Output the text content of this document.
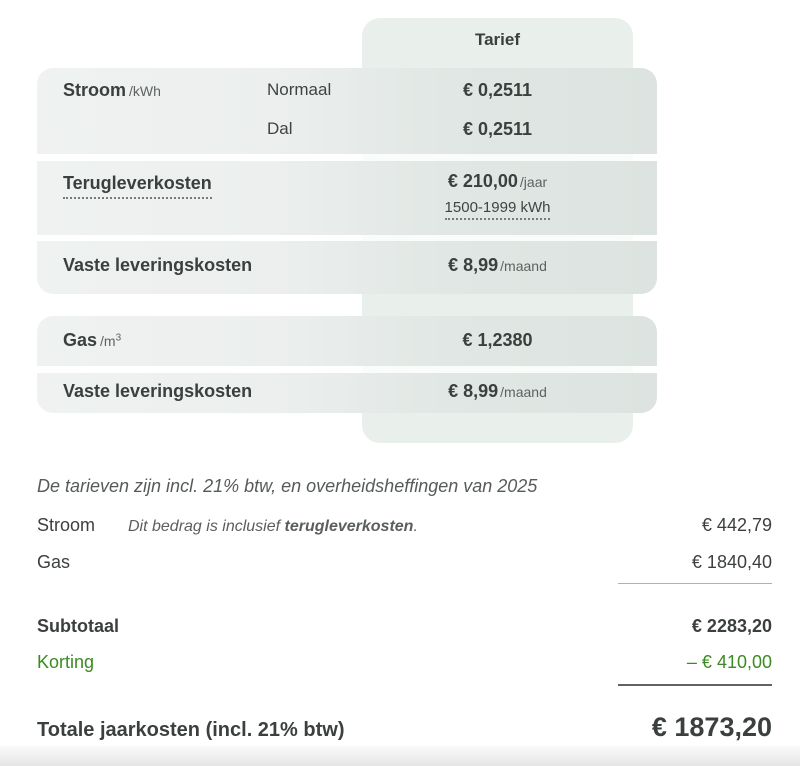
Tarief
Stroom /kWh	Normaal	€ 0,2511
Dal	€ 0,2511
Terugleverkosten	€ 210,00 /jaar
1500-1999 kWh
Vaste leveringskosten	€ 8,99 /maand
Gas $/m^3$	€ 1,2380
Vaste leveringskosten	€ 8,99 /maand
De tarieven zijn incl. 21% btw, en overheidsheffingen van 2025
Stroom	Dit bedrag is inclusief terugleverkosten.	€ 442,79
Gas	€ 1840,40
Subtotaal	€ 2283,20
Korting	– € 410,00
Totale jaarkosten (incl. 21% btw)	€ 1873,20
